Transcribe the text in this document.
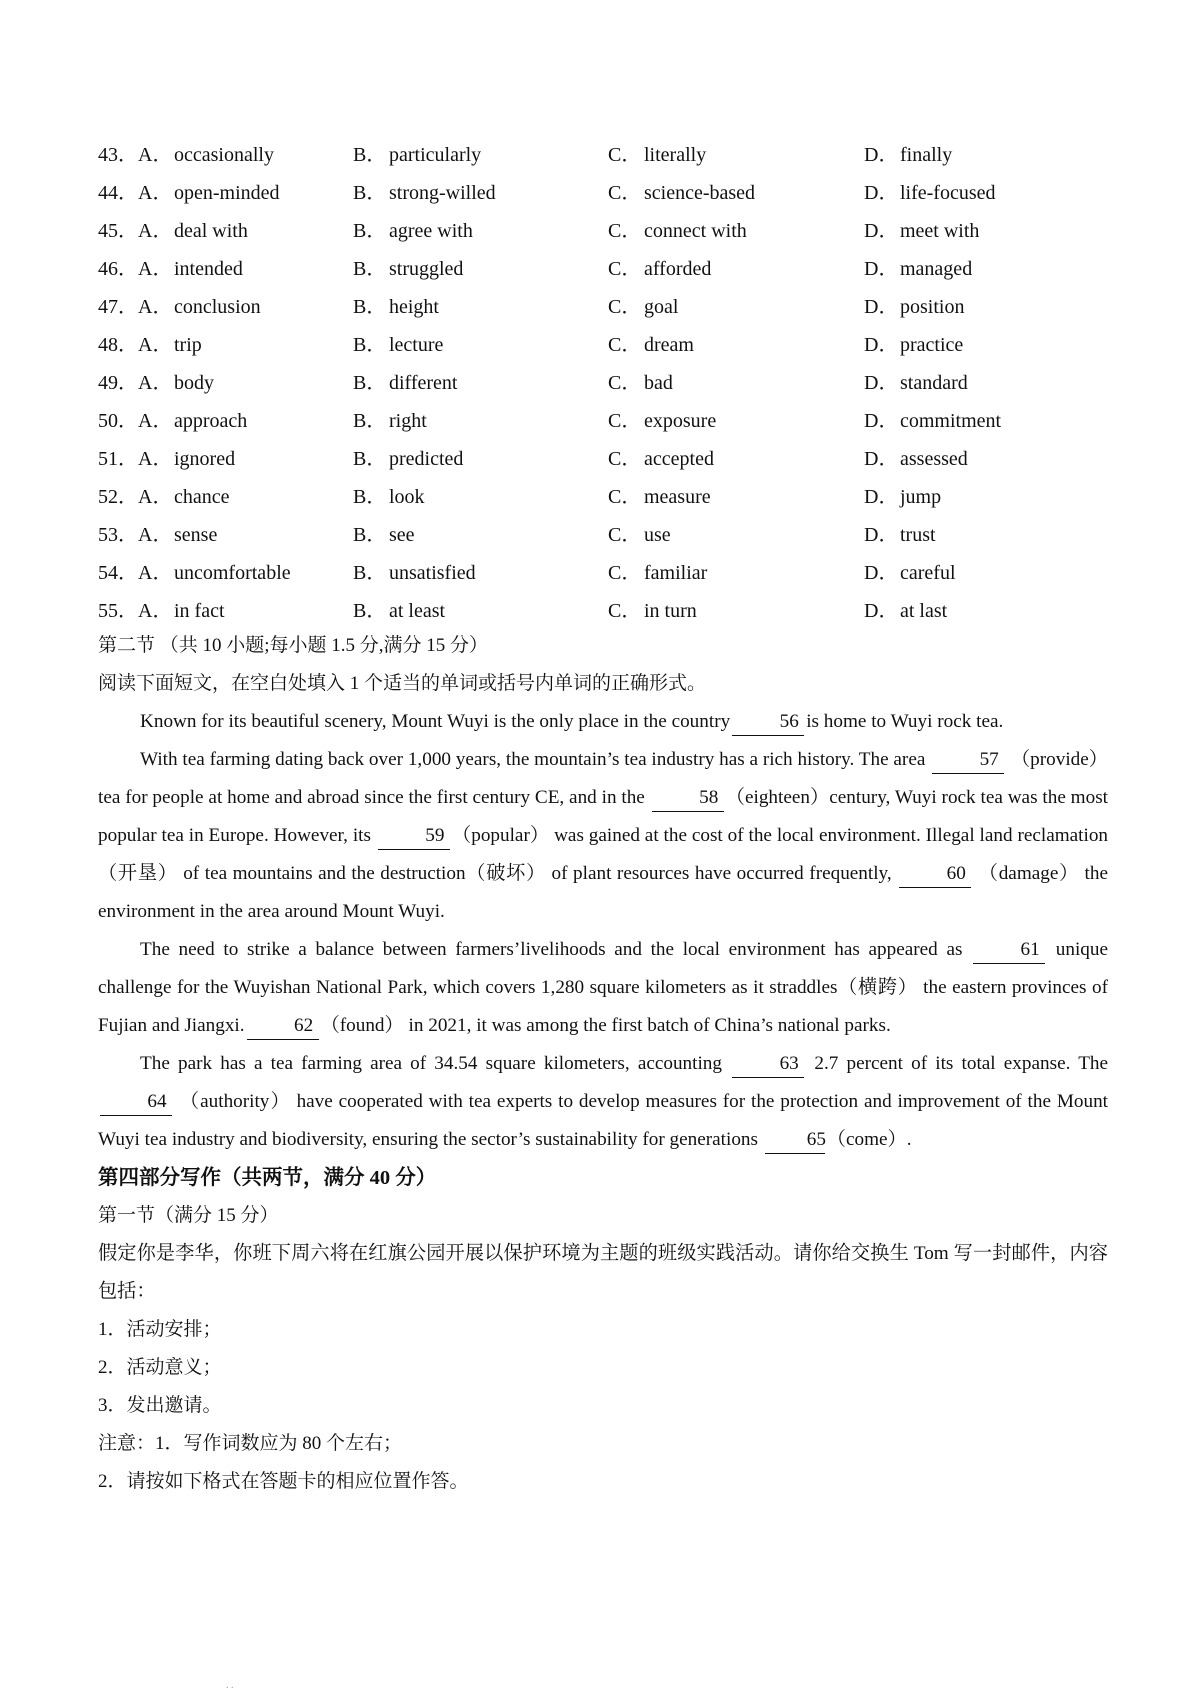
43．A．occasionally	B． particularly	C． literally	D．finally
44．A．open-minded	B． strong-willed	C． science-based	D．life-focused
45．A．deal with	B． agree with	C． connect with	D．meet with
46．A．intended	B． struggled	C． afforded	D．managed
47．A．conclusion	B． height	C． goal	D．position
48．A．trip	B． lecture	C． dream	D．practice
49．A．body	B． different	C． bad	D．standard
50．A．approach	B． right	C． exposure	D．commitment
51．A．ignored	B． predicted	C． accepted	D．assessed
52．A．chance	B． look	C． measure	D．jump
53．A．sense	B． see	C． use	D．trust
54．A．uncomfortable	B． unsatisfied	C． familiar	D．careful
55．A．in fact	B． at least	C． in turn	D．at last
第二节 （共 10 小题;每小题 1.5 分,满分 15 分）
阅读下面短文，在空白处填入 1 个适当的单词或括号内单词的正确形式。

Known for its beautiful scenery, Mount Wuyi is the only place in the country	56 is home to Wuyi rock tea.

With tea farming dating back over 1,000 years, the mountain’s tea industry has a rich history. The area	57 （provide） tea for people at home and abroad since the first century CE, and in the	58 （eighteen）century, Wuyi rock tea was the most popular tea in Europe. However, its	59 （popular） was gained at the cost of the local environment. Illegal land reclamation（开垦） of tea mountains and the destruction（破坏） of plant resources have occurred frequently,	60 （damage） the environment in the area around Mount Wuyi.

The need to strike a balance between farmers’livelihoods and the local environment has appeared as	61 unique challenge for the Wuyishan National Park, which covers 1,280 square kilometers as it straddles（横跨） the eastern provinces of Fujian and Jiangxi.	62 （found） in 2021, it was among the first batch of China’s national parks.

The park has a tea farming area of 34.54 square kilometers, accounting	63 2.7 percent of its total expanse. The 64 （authority） have cooperated with tea experts to develop measures for the protection and improvement of the Mount Wuyi tea industry and biodiversity, ensuring the sector’s sustainability for generations	65（come）.

第四部分写作（共两节，满分 40 分）
第一节（满分 15 分）
假定你是李华，你班下周六将在红旗公园开展以保护环境为主题的班级实践活动。请你给交换生 Tom 写一封邮件，内容包括：
1．活动安排；
2．活动意义；
3．发出邀请。
注意：1．写作词数应为 80 个左右；
2．请按如下格式在答题卡的相应位置作答。
. .
